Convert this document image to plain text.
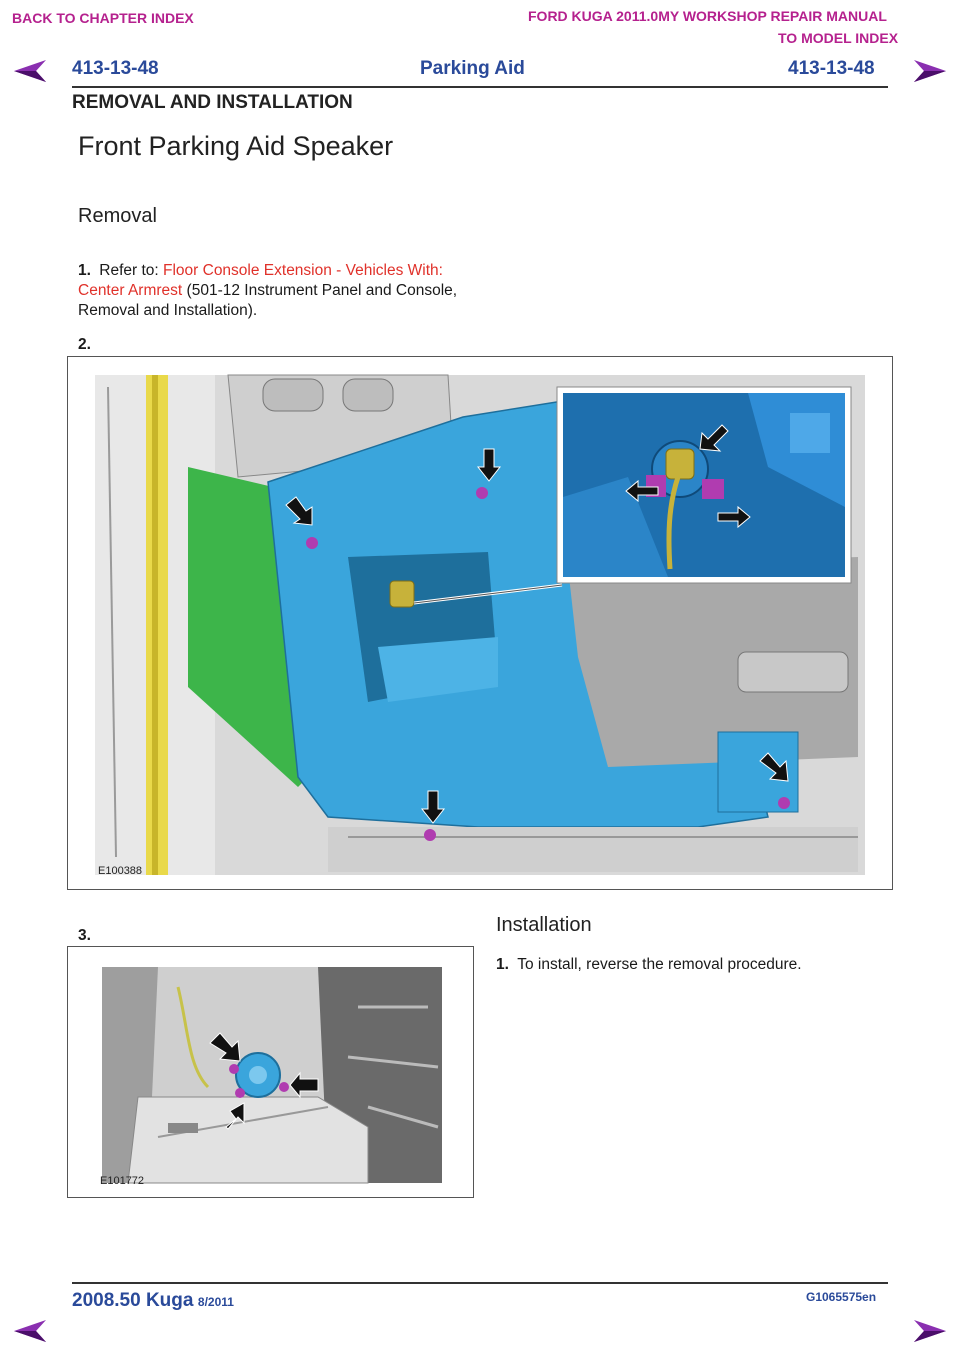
BACK TO CHAPTER INDEX	FORD KUGA 2011.0MY WORKSHOP REPAIR MANUAL
TO MODEL INDEX
413-13-48	Parking Aid	413-13-48
REMOVAL AND INSTALLATION
Front Parking Aid Speaker
Removal
1. Refer to: Floor Console Extension - Vehicles With: Center Armrest (501-12 Instrument Panel and Console, Removal and Installation).
2.
E100388
3.
E101772
Installation
1. To install, reverse the removal procedure.
2008.50 Kuga 8/2011	G1065575en
